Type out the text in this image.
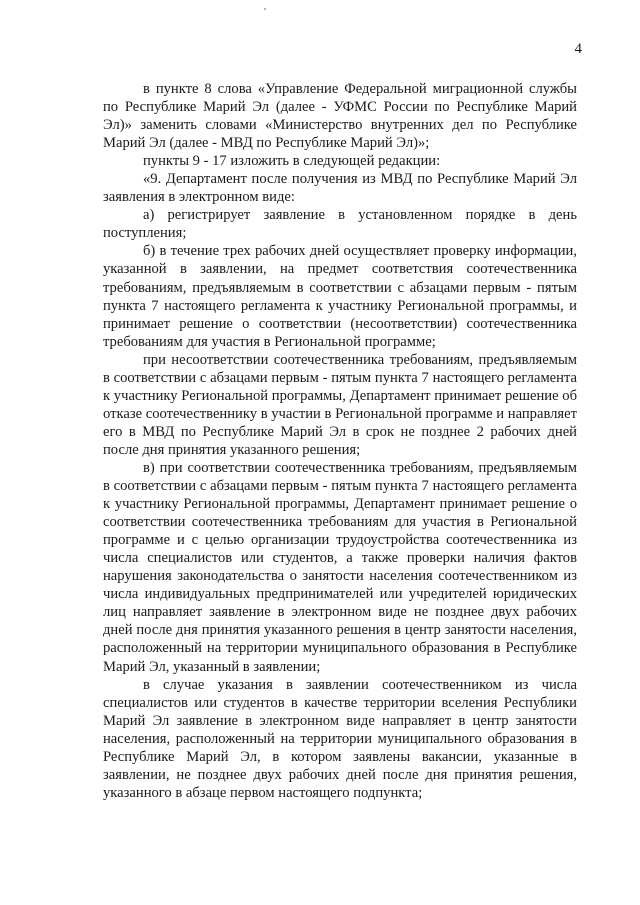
4

в пункте 8 слова «Управление Федеральной миграционной службы по Республике Марий Эл (далее - УФМС России по Республике Марий Эл)» заменить словами «Министерство внутренних дел по Республике Марий Эл (далее - МВД по Республике Марий Эл)»;

пункты 9 - 17 изложить в следующей редакции:

«9. Департамент после получения из МВД по Республике Марий Эл заявления в электронном виде:

а) регистрирует заявление в установленном порядке в день поступления;

б) в течение трех рабочих дней осуществляет проверку информации, указанной в заявлении, на предмет соответствия соотечественника требованиям, предъявляемым в соответствии с абзацами первым - пятым пункта 7 настоящего регламента к участнику Региональной программы, и принимает решение о соответствии (несоответствии) соотечественника требованиям для участия в Региональной программе;

при несоответствии соотечественника требованиям, предъявляемым в соответствии с абзацами первым - пятым пункта 7 настоящего регламента к участнику Региональной программы, Департамент принимает решение об отказе соотечественнику в участии в Региональной программе и направляет его в МВД по Республике Марий Эл в срок не позднее 2 рабочих дней после дня принятия указанного решения;

в) при соответствии соотечественника требованиям, предъявляемым в соответствии с абзацами первым - пятым пункта 7 настоящего регламента к участнику Региональной программы, Департамент принимает решение о соответствии соотечественника требованиям для участия в Региональной программе и с целью организации трудоустройства соотечественника из числа специалистов или студентов, а также проверки наличия фактов нарушения законодательства о занятости населения соотечественником из числа индивидуальных предпринимателей или учредителей юридических лиц направляет заявление в электронном виде не позднее двух рабочих дней после дня принятия указанного решения в центр занятости населения, расположенный на территории муниципального образования в Республике Марий Эл, указанный в заявлении;

в случае указания в заявлении соотечественником из числа специалистов или студентов в качестве территории вселения Республики Марий Эл заявление в электронном виде направляет в центр занятости населения, расположенный на территории муниципального образования в Республике Марий Эл, в котором заявлены вакансии, указанные в заявлении, не позднее двух рабочих дней после дня принятия решения, указанного в абзаце первом настоящего подпункта;
